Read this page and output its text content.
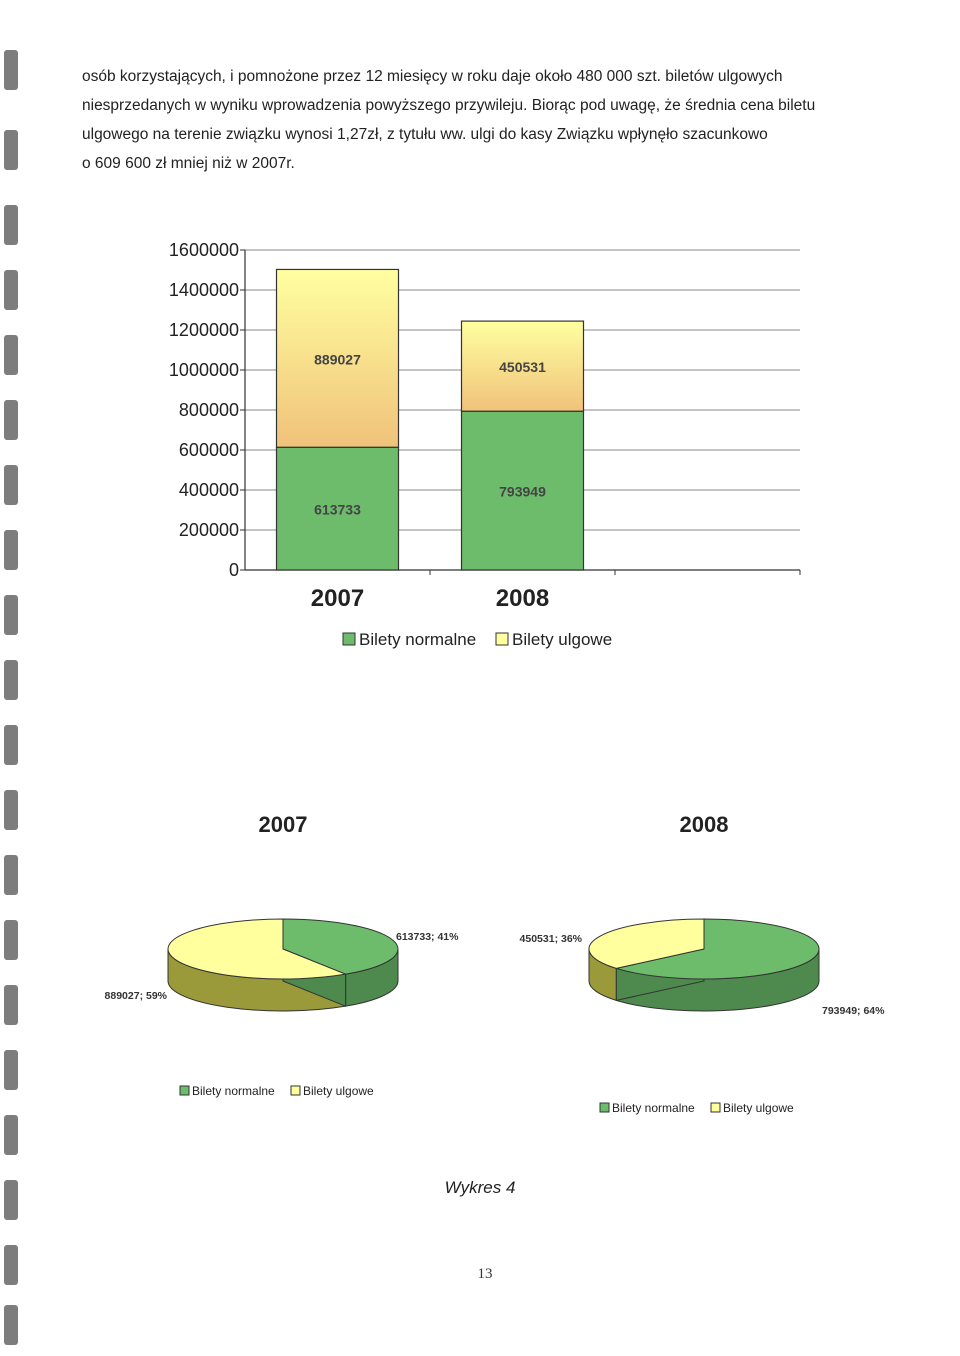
osób korzystających, i pomnożone przez 12 miesięcy w roku daje około 480 000 szt. biletów ulgowych
niesprzedanych w wyniku wprowadzenia powyższego przywileju. Biorąc pod uwagę, że średnia cena biletu
ulgowego na terenie związku wynosi 1,27zł, z tytułu ww. ulgi do kasy Związku wpłynęło szacunkowo
o 609 600 zł mniej niż w 2007r.
0
200000
400000
600000
800000
1000000
1200000
1400000
1600000
613733
889027
2007
793949
450531
2008
Bilety normalne Bilety ulgowe
2007
613733; 41%
889027; 59%
Bilety normalne Bilety ulgowe
2008
793949; 64%
450531; 36%
Bilety normalne Bilety ulgowe
Wykres 4
13
